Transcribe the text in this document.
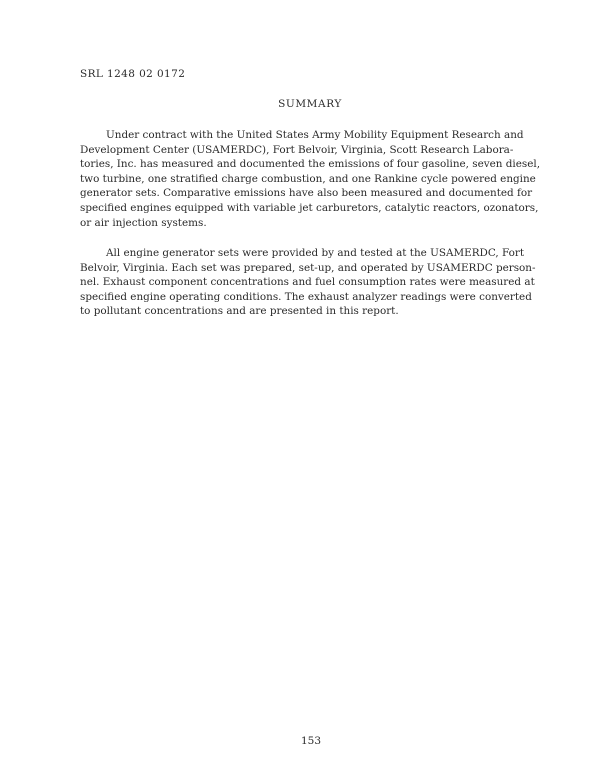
SRL 1248 02 0172
SUMMARY
Under contract with the United States Army Mobility Equipment Research and
Development Center (USAMERDC), Fort Belvoir, Virginia, Scott Research Labora-
tories, Inc. has measured and documented the emissions of four gasoline, seven diesel,
two turbine, one stratified charge combustion, and one Rankine cycle powered engine
generator sets. Comparative emissions have also been measured and documented for
specified engines equipped with variable jet carburetors, catalytic reactors, ozonators,
or air injection systems.
All engine generator sets were provided by and tested at the USAMERDC, Fort
Belvoir, Virginia. Each set was prepared, set-up, and operated by USAMERDC person-
nel. Exhaust component concentrations and fuel consumption rates were measured at
specified engine operating conditions. The exhaust analyzer readings were converted
to pollutant concentrations and are presented in this report.
153
